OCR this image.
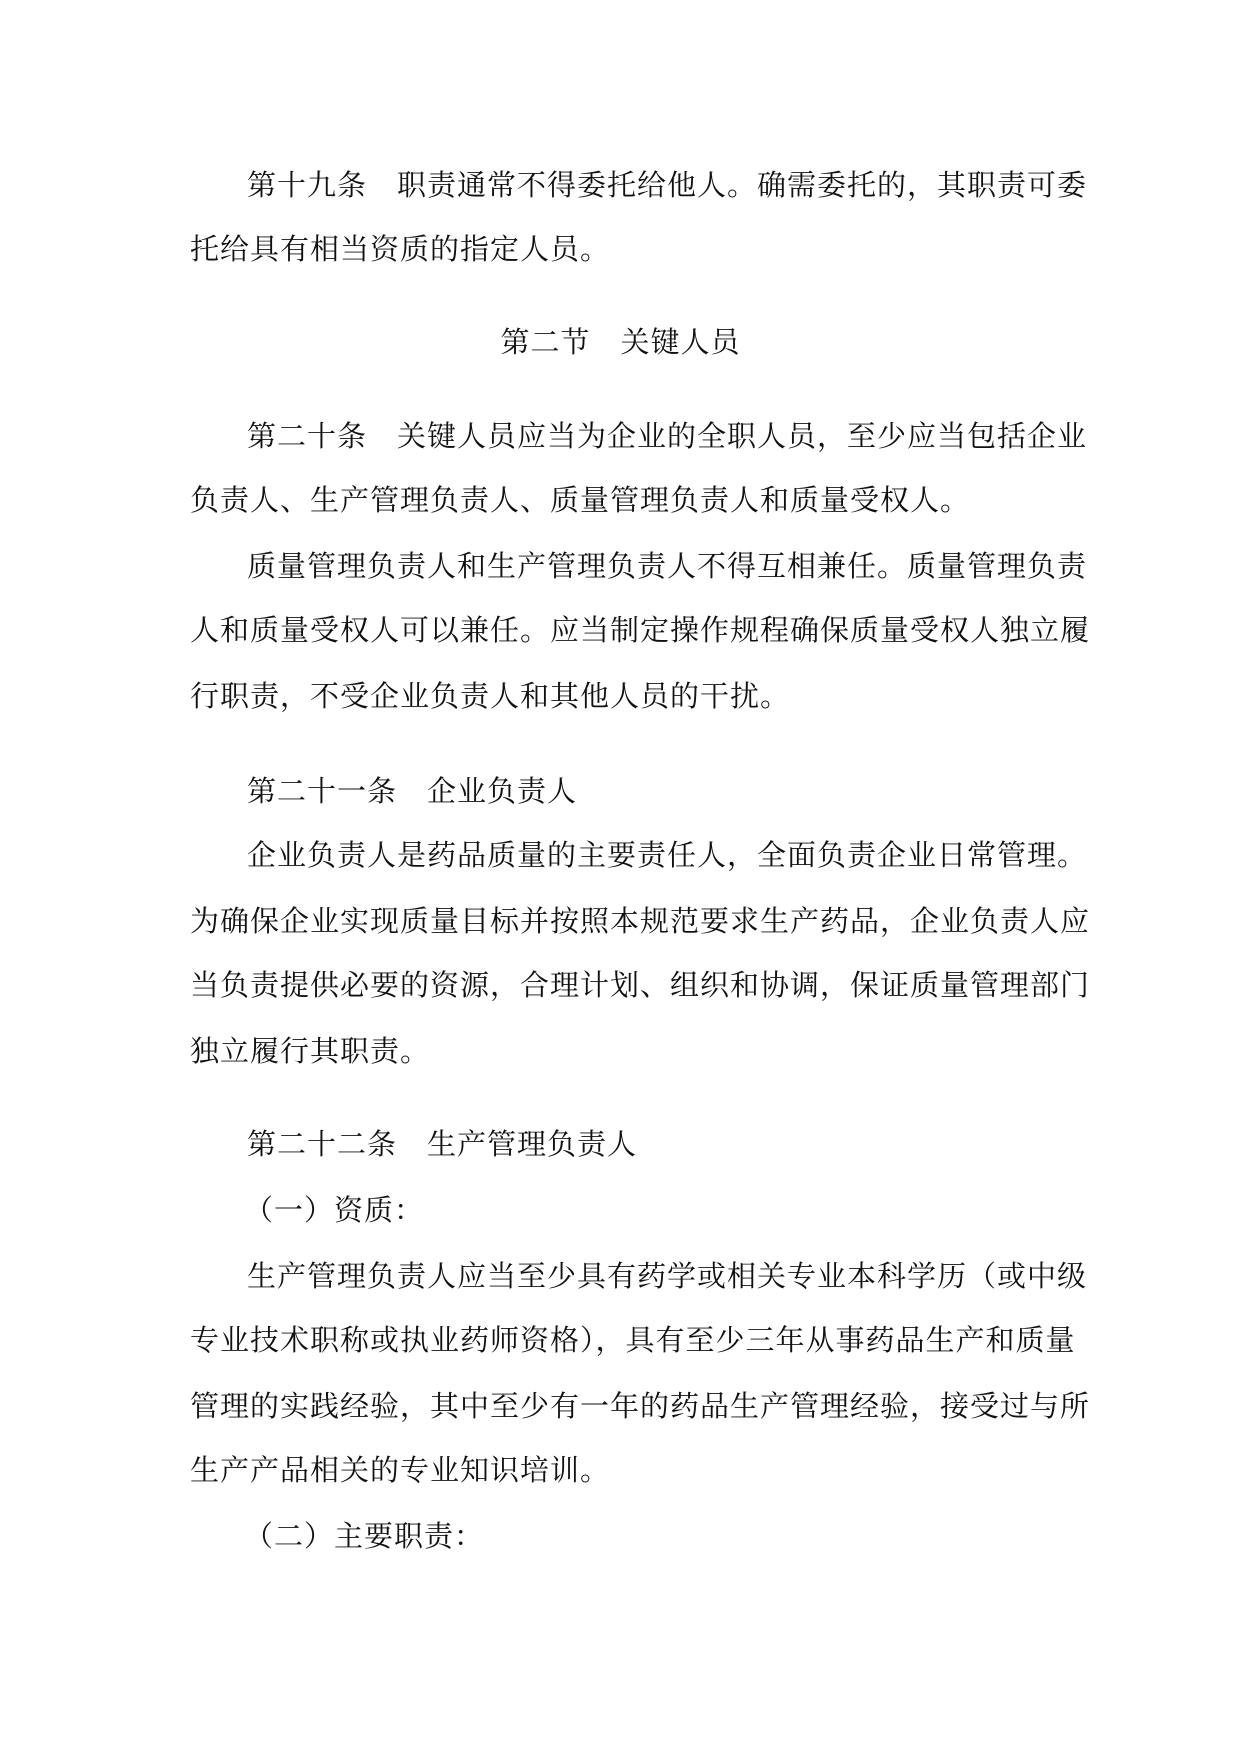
第十九条　职责通常不得委托给他人。确需委托的，其职责可委
托给具有相当资质的指定人员。
第二节　关键人员
第二十条　关键人员应当为企业的全职人员，至少应当包括企业
负责人、生产管理负责人、质量管理负责人和质量受权人。
质量管理负责人和生产管理负责人不得互相兼任。质量管理负责
人和质量受权人可以兼任。应当制定操作规程确保质量受权人独立履
行职责，不受企业负责人和其他人员的干扰。
第二十一条　企业负责人
企业负责人是药品质量的主要责任人，全面负责企业日常管理。
为确保企业实现质量目标并按照本规范要求生产药品，企业负责人应
当负责提供必要的资源，合理计划、组织和协调，保证质量管理部门
独立履行其职责。
第二十二条　生产管理负责人
（一）资质：
生产管理负责人应当至少具有药学或相关专业本科学历（或中级
专业技术职称或执业药师资格），具有至少三年从事药品生产和质量
管理的实践经验，其中至少有一年的药品生产管理经验，接受过与所
生产产品相关的专业知识培训。
（二）主要职责：
